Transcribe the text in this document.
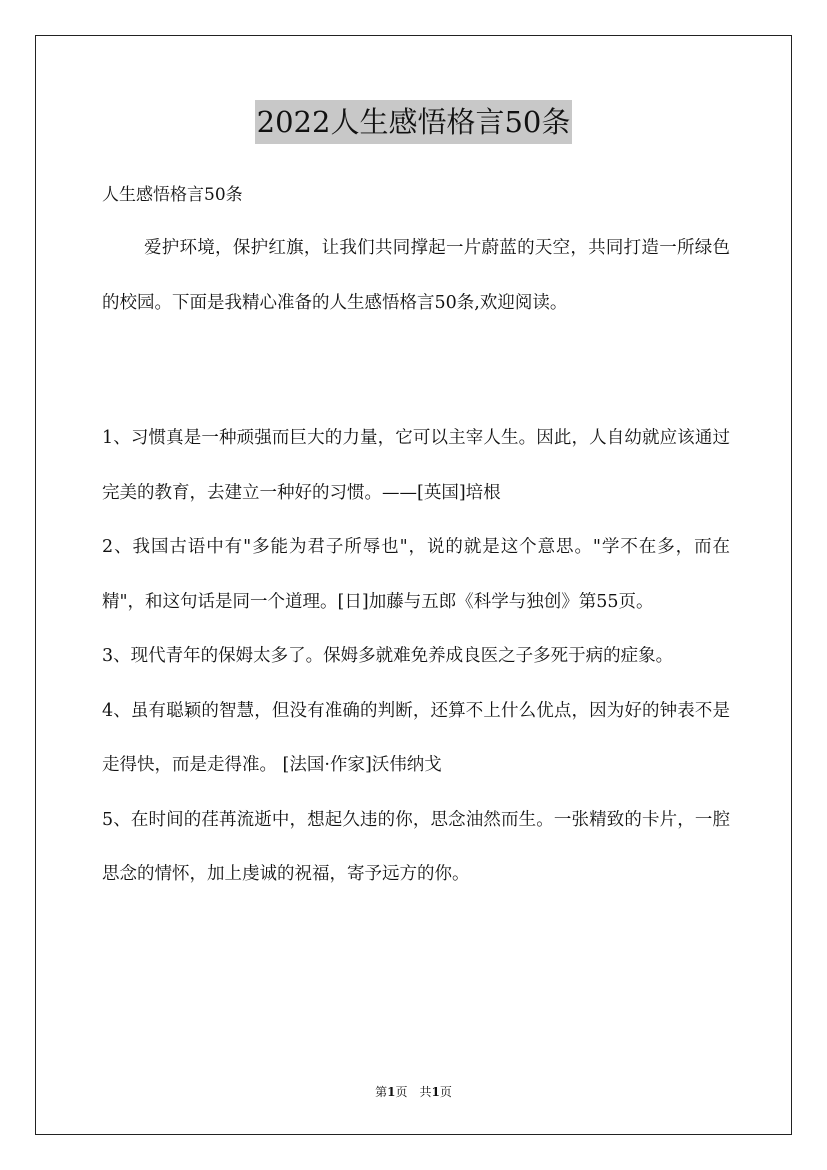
2022人生感悟格言50条
人生感悟格言50条

爱护环境，保护红旗，让我们共同撑起一片蔚蓝的天空，共同打造一所绿色的校园。下面是我精心准备的人生感悟格言50条,欢迎阅读。

1、习惯真是一种顽强而巨大的力量，它可以主宰人生。因此，人自幼就应该通过完美的教育，去建立一种好的习惯。——[英国]培根

2、我国古语中有"多能为君子所辱也"，说的就是这个意思。"学不在多，而在精"，和这句话是同一个道理。[日]加藤与五郎《科学与独创》第55页。

3、现代青年的保姆太多了。保姆多就难免养成良医之子多死于病的症象。

4、虽有聪颖的智慧，但没有准确的判断，还算不上什么优点，因为好的钟表不是走得快，而是走得准。 [法国·作家]沃伟纳戈

5、在时间的荏苒流逝中，想起久违的你，思念油然而生。一张精致的卡片，一腔思念的情怀，加上虔诚的祝福，寄予远方的你。

第1页　共1页
